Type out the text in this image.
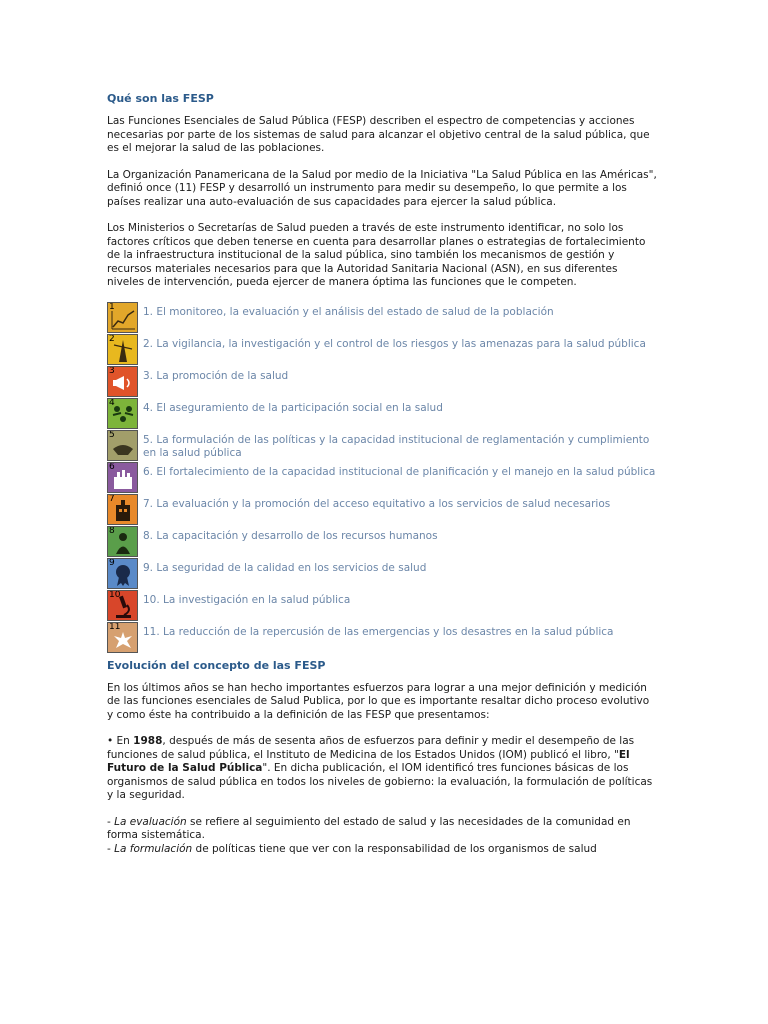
Qué son las FESP

Las Funciones Esenciales de Salud Pública (FESP) describen el espectro de competencias y acciones necesarias por parte de los sistemas de salud para alcanzar el objetivo central de la salud pública, que es el mejorar la salud de las poblaciones.

La Organización Panamericana de la Salud por medio de la Iniciativa "La Salud Pública en las Américas", definió once (11) FESP y desarrolló un instrumento para medir su desempeño, lo que permite a los países realizar una auto-evaluación de sus capacidades para ejercer la salud pública.

Los Ministerios o Secretarías de Salud pueden a través de este instrumento identificar, no solo los factores críticos que deben tenerse en cuenta para desarrollar planes o estrategias de fortalecimiento de la infraestructura institucional de la salud pública, sino también los mecanismos de gestión y recursos materiales necesarios para que la Autoridad Sanitaria Nacional (ASN), en sus diferentes niveles de intervención, pueda ejercer de manera óptima las funciones que le competen.

1	1. El monitoreo, la evaluación y el análisis del estado de salud de la población
2	2. La vigilancia, la investigación y el control de los riesgos y las amenazas para la salud pública
3	3. La promoción de la salud
4	4. El aseguramiento de la participación social en la salud
5	5. La formulación de las políticas y la capacidad institucional de reglamentación y cumplimiento en la salud pública
6	6. El fortalecimiento de la capacidad institucional de planificación y el manejo en la salud pública
7	7. La evaluación y la promoción del acceso equitativo a los servicios de salud necesarios
8	8. La capacitación y desarrollo de los recursos humanos
9	9. La seguridad de la calidad en los servicios de salud
10	10. La investigación en la salud pública
11	11. La reducción de la repercusión de las emergencias y los desastres en la salud pública

Evolución del concepto de las FESP

En los últimos años se han hecho importantes esfuerzos para lograr a una mejor definición y medición de las funciones esenciales de Salud Publica, por lo que es importante resaltar dicho proceso evolutivo y como éste ha contribuido a la definición de las FESP que presentamos:

• En 1988, después de más de sesenta años de esfuerzos para definir y medir el desempeño de las funciones de salud pública, el Instituto de Medicina de los Estados Unidos (IOM) publicó el libro, "El Futuro de la Salud Pública". En dicha publicación, el IOM identificó tres funciones básicas de los organismos de salud pública en todos los niveles de gobierno: la evaluación, la formulación de políticas y la seguridad.

- La evaluación se refiere al seguimiento del estado de salud y las necesidades de la comunidad en forma sistemática.
- La formulación de políticas tiene que ver con la responsabilidad de los organismos de salud
